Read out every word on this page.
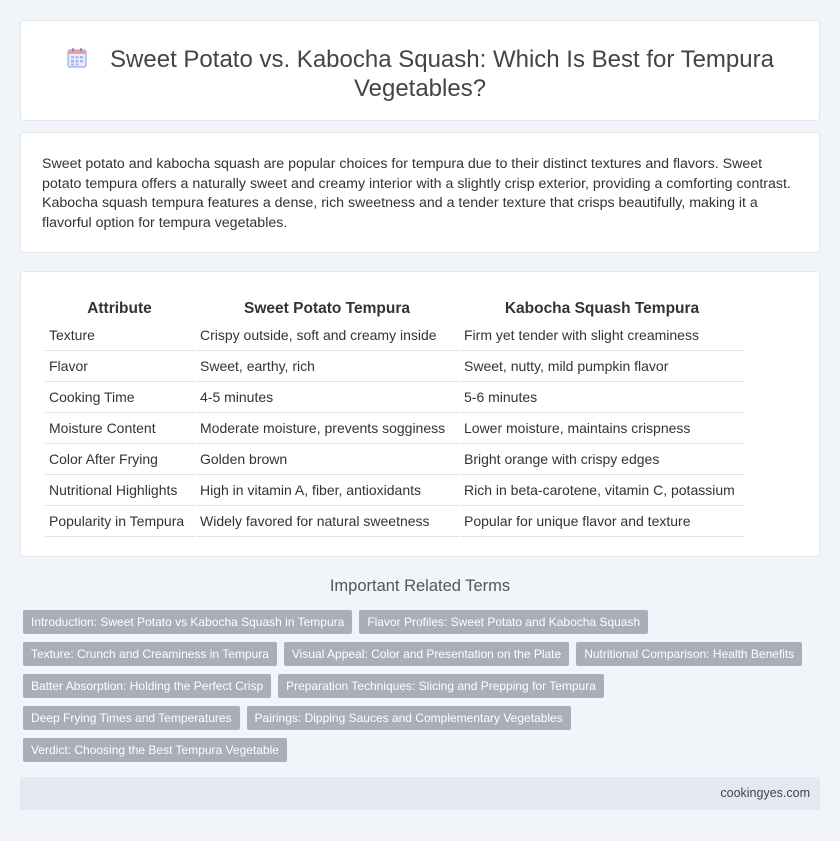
Sweet Potato vs. Kabocha Squash: Which Is Best for Tempura Vegetables?

Sweet potato and kabocha squash are popular choices for tempura due to their distinct textures and flavors. Sweet potato tempura offers a naturally sweet and creamy interior with a slightly crisp exterior, providing a comforting contrast. Kabocha squash tempura features a dense, rich sweetness and a tender texture that crisps beautifully, making it a flavorful option for tempura vegetables.

Attribute	Sweet Potato Tempura	Kabocha Squash Tempura
Texture	Crispy outside, soft and creamy inside	Firm yet tender with slight creaminess
Flavor	Sweet, earthy, rich	Sweet, nutty, mild pumpkin flavor
Cooking Time	4-5 minutes	5-6 minutes
Moisture Content	Moderate moisture, prevents sogginess	Lower moisture, maintains crispness
Color After Frying	Golden brown	Bright orange with crispy edges
Nutritional Highlights	High in vitamin A, fiber, antioxidants	Rich in beta-carotene, vitamin C, potassium
Popularity in Tempura	Widely favored for natural sweetness	Popular for unique flavor and texture
Important Related Terms
Introduction: Sweet Potato vs Kabocha Squash in Tempura	Flavor Profiles: Sweet Potato and Kabocha Squash
Texture: Crunch and Creaminess in Tempura	Visual Appeal: Color and Presentation on the Plate	Nutritional Comparison: Health Benefits
Batter Absorption: Holding the Perfect Crisp	Preparation Techniques: Slicing and Prepping for Tempura
Deep Frying Times and Temperatures	Pairings: Dipping Sauces and Complementary Vegetables
Verdict: Choosing the Best Tempura Vegetable
cookingyes.com
